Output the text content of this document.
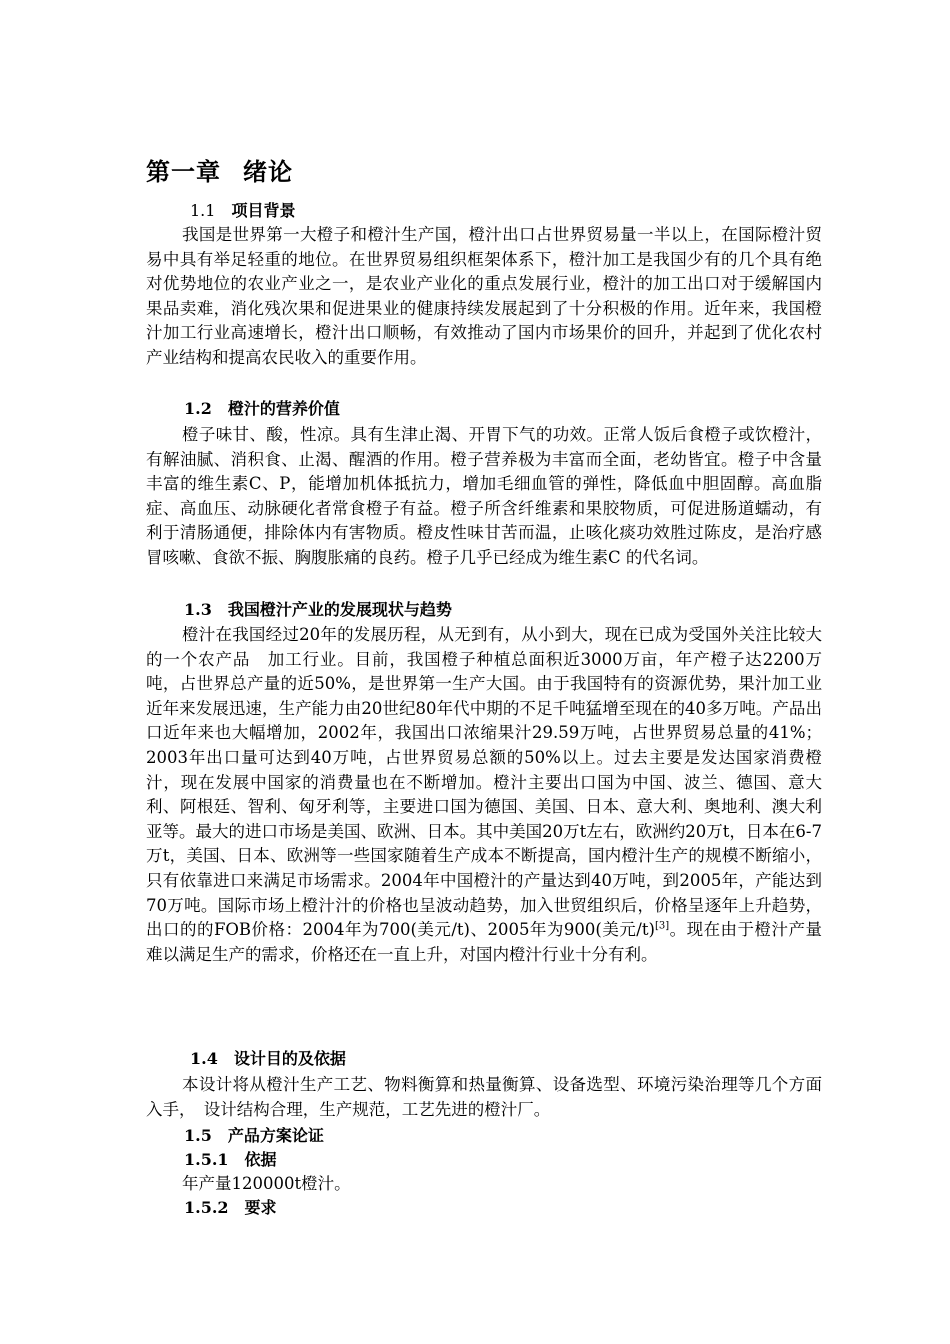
第一章 绪论
1.1 项目背景

我国是世界第一大橙子和橙汁生产国，橙汁出口占世界贸易量一半以上，在国际橙汁贸易中具有举足轻重的地位。在世界贸易组织框架体系下，橙汁加工是我国少有的几个具有绝对优势地位的农业产业之一，是农业产业化的重点发展行业，橙汁的加工出口对于缓解国内果品卖难，消化残次果和促进果业的健康持续发展起到了十分积极的作用。近年来，我国橙汁加工行业高速增长，橙汁出口顺畅，有效推动了国内市场果价的回升，并起到了优化农村产业结构和提高农民收入的重要作用。

1.2 橙汁的营养价值

橙子味甘、酸，性凉。具有生津止渴、开胃下气的功效。正常人饭后食橙子或饮橙汁，有解油腻、消积食、止渴、醒酒的作用。橙子营养极为丰富而全面，老幼皆宜。橙子中含量丰富的维生素C、P，能增加机体抵抗力，增加毛细血管的弹性，降低血中胆固醇。高血脂症、高血压、动脉硬化者常食橙子有益。橙子所含纤维素和果胶物质，可促进肠道蠕动，有利于清肠通便，排除体内有害物质。橙皮性味甘苦而温，止咳化痰功效胜过陈皮，是治疗感冒咳嗽、食欲不振、胸腹胀痛的良药。橙子几乎已经成为维生素C 的代名词。

1.3 我国橙汁产业的发展现状与趋势

橙汁在我国经过20年的发展历程，从无到有，从小到大，现在已成为受国外关注比较大的一个农产品　加工行业。目前，我国橙子种植总面积近3000万亩，年产橙子达2200万吨，占世界总产量的近50%，是世界第一生产大国。由于我国特有的资源优势，果汁加工业近年来发展迅速，生产能力由20世纪80年代中期的不足千吨猛增至现在的40多万吨。产品出口近年来也大幅增加，2002年，我国出口浓缩果汁29.59万吨，占世界贸易总量的41%；2003年出口量可达到40万吨，占世界贸易总额的50%以上。过去主要是发达国家消费橙汁，现在发展中国家的消费量也在不断增加。橙汁主要出口国为中国、波兰、德国、意大利、阿根廷、智利、匈牙利等，主要进口国为德国、美国、日本、意大利、奥地利、澳大利亚等。最大的进口市场是美国、欧洲、日本。其中美国20万t左右，欧洲约20万t，日本在6-7万t，美国、日本、欧洲等一些国家随着生产成本不断提高，国内橙汁生产的规模不断缩小，只有依靠进口来满足市场需求。2004年中国橙汁的产量达到40万吨，到2005年，产能达到70万吨。国际市场上橙汁汁的价格也呈波动趋势，加入世贸组织后，价格呈逐年上升趋势，出口的的FOB价格：2004年为700(美元/t)、2005年为900(美元/t)[3]。现在由于橙汁产量难以满足生产的需求，价格还在一直上升，对国内橙汁行业十分有利。

1.4 设计目的及依据

本设计将从橙汁生产工艺、物料衡算和热量衡算、设备选型、环境污染治理等几个方面入手，　设计结构合理，生产规范，工艺先进的橙汁厂。

1.5 产品方案论证
1.5.1 依据

年产量120000t橙汁。

1.5.2 要求
